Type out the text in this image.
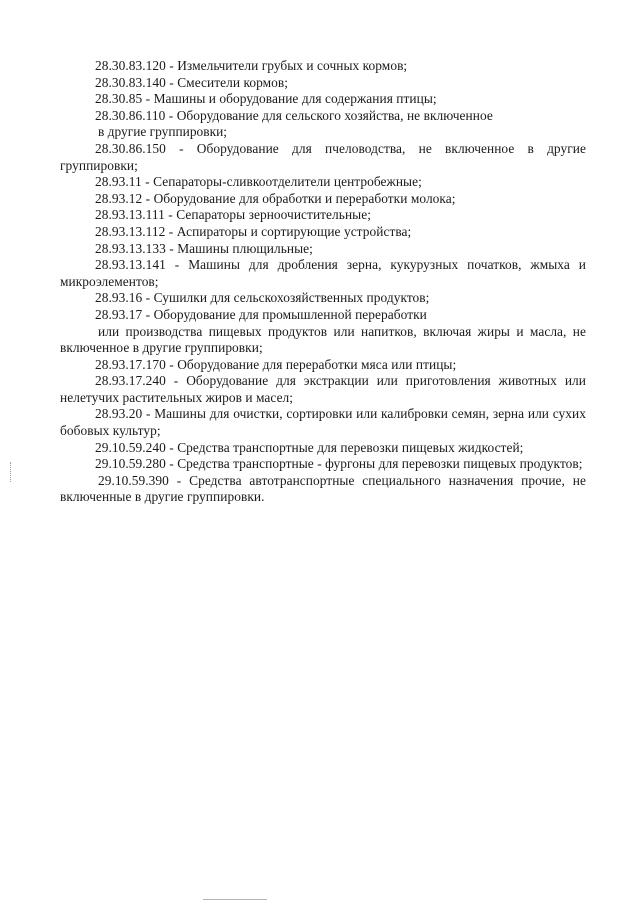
28.30.83.120 - Измельчители грубых и сочных кормов;

28.30.83.140 - Смесители кормов;

28.30.85 - Машины и оборудование для содержания птицы;

28.30.86.110 - Оборудование для сельского хозяйства, не включенное

в другие группировки;

28.30.86.150 - Оборудование для пчеловодства, не включенное в другие группировки;

28.93.11 - Сепараторы-сливкоотделители центробежные;

28.93.12 - Оборудование для обработки и переработки молока;

28.93.13.111 - Сепараторы зерноочистительные;

28.93.13.112 - Аспираторы и сортирующие устройства;

28.93.13.133 - Машины плющильные;

28.93.13.141 - Машины для дробления зерна, кукурузных початков, жмыха и микроэлементов;

28.93.16 - Сушилки для сельскохозяйственных продуктов;

28.93.17 - Оборудование для промышленной переработки

или производства пищевых продуктов или напитков, включая жиры и масла, не включенное в другие группировки;

28.93.17.170 - Оборудование для переработки мяса или птицы;

28.93.17.240 - Оборудование для экстракции или приготовления животных или нелетучих растительных жиров и масел;

28.93.20 - Машины для очистки, сортировки или калибровки семян, зерна или сухих бобовых культур;

29.10.59.240 - Средства транспортные для перевозки пищевых жидкостей;

29.10.59.280 - Средства транспортные - фургоны для перевозки пищевых продуктов;

29.10.59.390 - Средства автотранспортные специального назначения прочие, не включенные в другие группировки.
